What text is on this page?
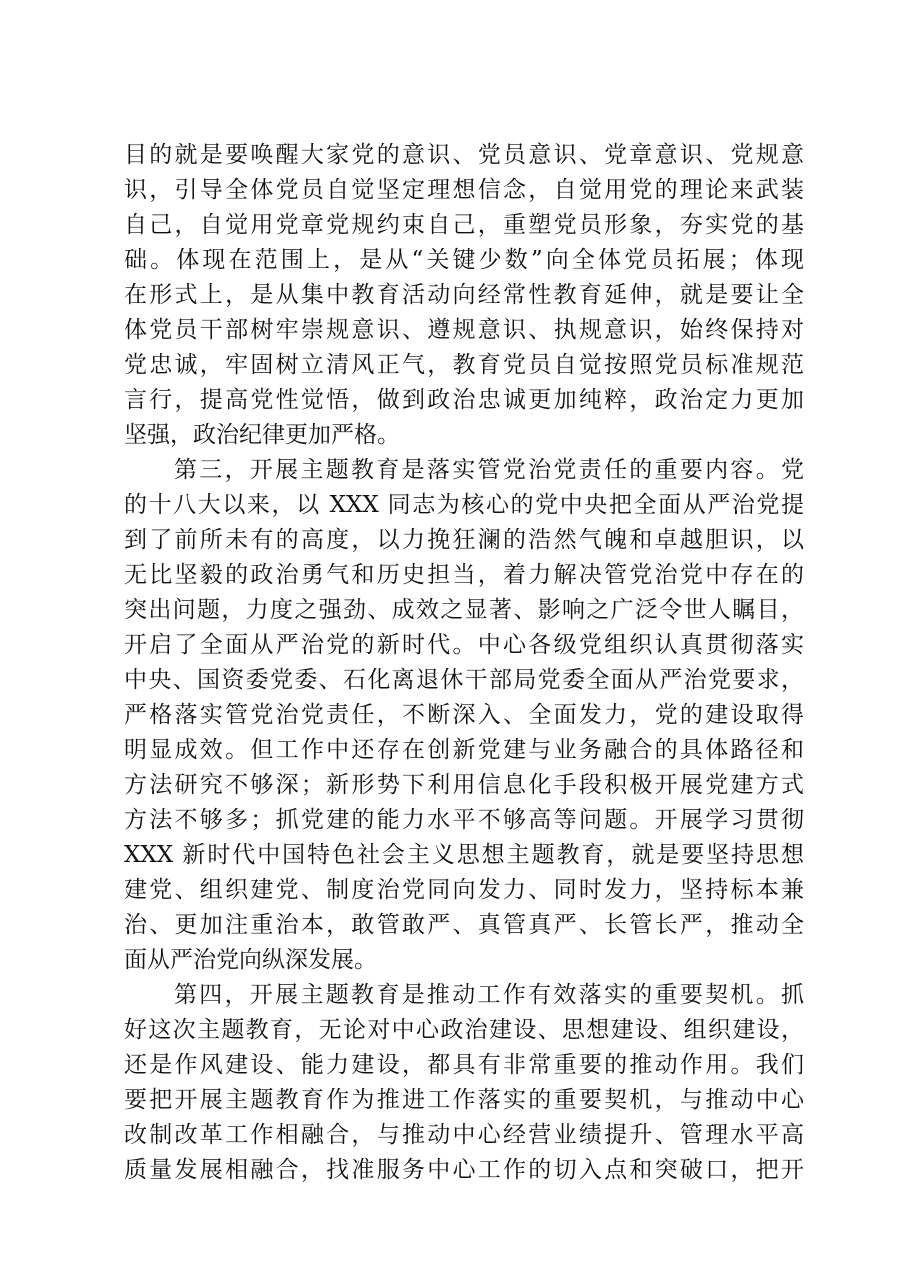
目的就是要唤醒大家党的意识、党员意识、党章意识、党规意
识，引导全体党员自觉坚定理想信念，自觉用党的理论来武装
自己，自觉用党章党规约束自己，重塑党员形象，夯实党的基
础。体现在范围上，是从“关键少数”向全体党员拓展；体现
在形式上，是从集中教育活动向经常性教育延伸，就是要让全
体党员干部树牢崇规意识、遵规意识、执规意识，始终保持对
党忠诚，牢固树立清风正气，教育党员自觉按照党员标准规范
言行，提高党性觉悟，做到政治忠诚更加纯粹，政治定力更加
坚强，政治纪律更加严格。
第三，开展主题教育是落实管党治党责任的重要内容。党
的十八大以来，以 XXX 同志为核心的党中央把全面从严治党提
到了前所未有的高度，以力挽狂澜的浩然气魄和卓越胆识，以
无比坚毅的政治勇气和历史担当，着力解决管党治党中存在的
突出问题，力度之强劲、成效之显著、影响之广泛令世人瞩目，
开启了全面从严治党的新时代。中心各级党组织认真贯彻落实
中央、国资委党委、石化离退休干部局党委全面从严治党要求，
严格落实管党治党责任，不断深入、全面发力，党的建设取得
明显成效。但工作中还存在创新党建与业务融合的具体路径和
方法研究不够深；新形势下利用信息化手段积极开展党建方式
方法不够多；抓党建的能力水平不够高等问题。开展学习贯彻
XXX 新时代中国特色社会主义思想主题教育，就是要坚持思想
建党、组织建党、制度治党同向发力、同时发力，坚持标本兼
治、更加注重治本，敢管敢严、真管真严、长管长严，推动全
面从严治党向纵深发展。
第四，开展主题教育是推动工作有效落实的重要契机。抓
好这次主题教育，无论对中心政治建设、思想建设、组织建设，
还是作风建设、能力建设，都具有非常重要的推动作用。我们
要把开展主题教育作为推进工作落实的重要契机，与推动中心
改制改革工作相融合，与推动中心经营业绩提升、管理水平高
质量发展相融合，找准服务中心工作的切入点和突破口，把开
